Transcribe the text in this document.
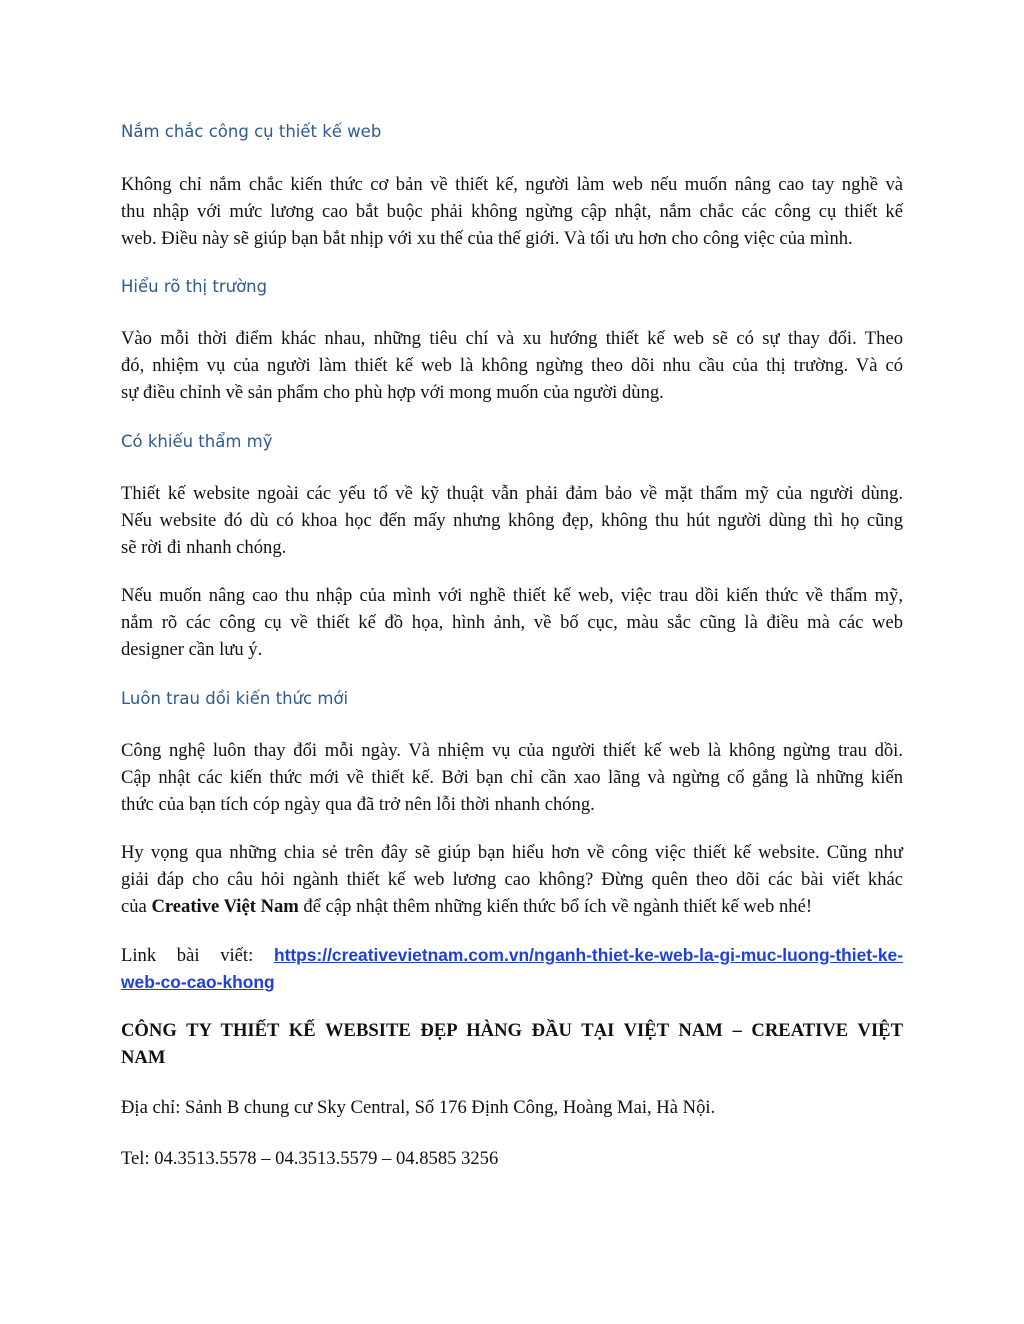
Nắm chắc công cụ thiết kế web
Không chỉ nắm chắc kiến thức cơ bản về thiết kế, người làm web nếu muốn nâng cao tay nghề và
thu nhập với mức lương cao bắt buộc phải không ngừng cập nhật, nắm chắc các công cụ thiết kế
web. Điều này sẽ giúp bạn bắt nhịp với xu thế của thế giới. Và tối ưu hơn cho công việc của mình.
Hiểu rõ thị trường
Vào mỗi thời điểm khác nhau, những tiêu chí và xu hướng thiết kế web sẽ có sự thay đổi. Theo
đó, nhiệm vụ của người làm thiết kế web là không ngừng theo dõi nhu cầu của thị trường. Và có
sự điều chỉnh về sản phẩm cho phù hợp với mong muốn của người dùng.
Có khiếu thẩm mỹ
Thiết kế website ngoài các yếu tố về kỹ thuật vẫn phải đảm bảo về mặt thẩm mỹ của người dùng.
Nếu website đó dù có khoa học đến mấy nhưng không đẹp, không thu hút người dùng thì họ cũng
sẽ rời đi nhanh chóng.
Nếu muốn nâng cao thu nhập của mình với nghề thiết kế web, việc trau dồi kiến thức về thẩm mỹ,
nắm rõ các công cụ về thiết kế đồ họa, hình ảnh, về bố cục, màu sắc cũng là điều mà các web
designer cần lưu ý.
Luôn trau dồi kiến thức mới
Công nghệ luôn thay đổi mỗi ngày. Và nhiệm vụ của người thiết kế web là không ngừng trau dồi.
Cập nhật các kiến thức mới về thiết kế. Bởi bạn chỉ cần xao lãng và ngừng cố gắng là những kiến
thức của bạn tích cóp ngày qua đã trở nên lỗi thời nhanh chóng.
Hy vọng qua những chia sẻ trên đây sẽ giúp bạn hiểu hơn về công việc thiết kế website. Cũng như
giải đáp cho câu hỏi ngành thiết kế web lương cao không? Đừng quên theo dõi các bài viết khác
của Creative Việt Nam để cập nhật thêm những kiến thức bổ ích về ngành thiết kế web nhé!
Link bài viết: https://creativevietnam.com.vn/nganh-thiet-ke-web-la-gi-muc-luong-thiet-ke-
web-co-cao-khong
CÔNG TY THIẾT KẾ WEBSITE ĐẸP HÀNG ĐẦU TẠI VIỆT NAM – CREATIVE VIỆT
NAM
Địa chỉ: Sảnh B chung cư Sky Central, Số 176 Định Công, Hoàng Mai, Hà Nội.
Tel: 04.3513.5578 – 04.3513.5579 – 04.8585 3256
